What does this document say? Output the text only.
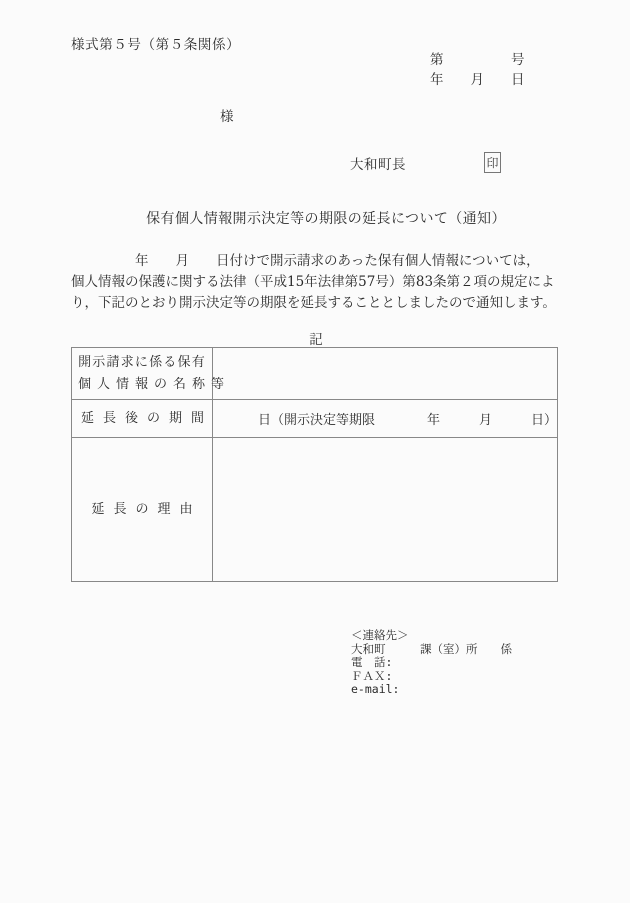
様式第５号（第５条関係）
第　　　　　号
年　　月　　日
様
大和町長	印
保有個人情報開示決定等の期限の延長について（通知）
年　　月　　日付けで開示請求のあった保有個人情報については，
個人情報の保護に関する法律（平成15年法律第57号）第83条第２項の規定によ
り，下記のとおり開示決定等の期限を延長することとしましたので通知します。
記
開示請求に係る保有
個人情報の名称等	

延長後の期間	日（開示決定等期限　　　　年　　　月　　　日）

延長の理由	

＜連絡先＞
大和町　　　課（室）所　　係
電　話:
ＦＡＸ:
e-mail:
